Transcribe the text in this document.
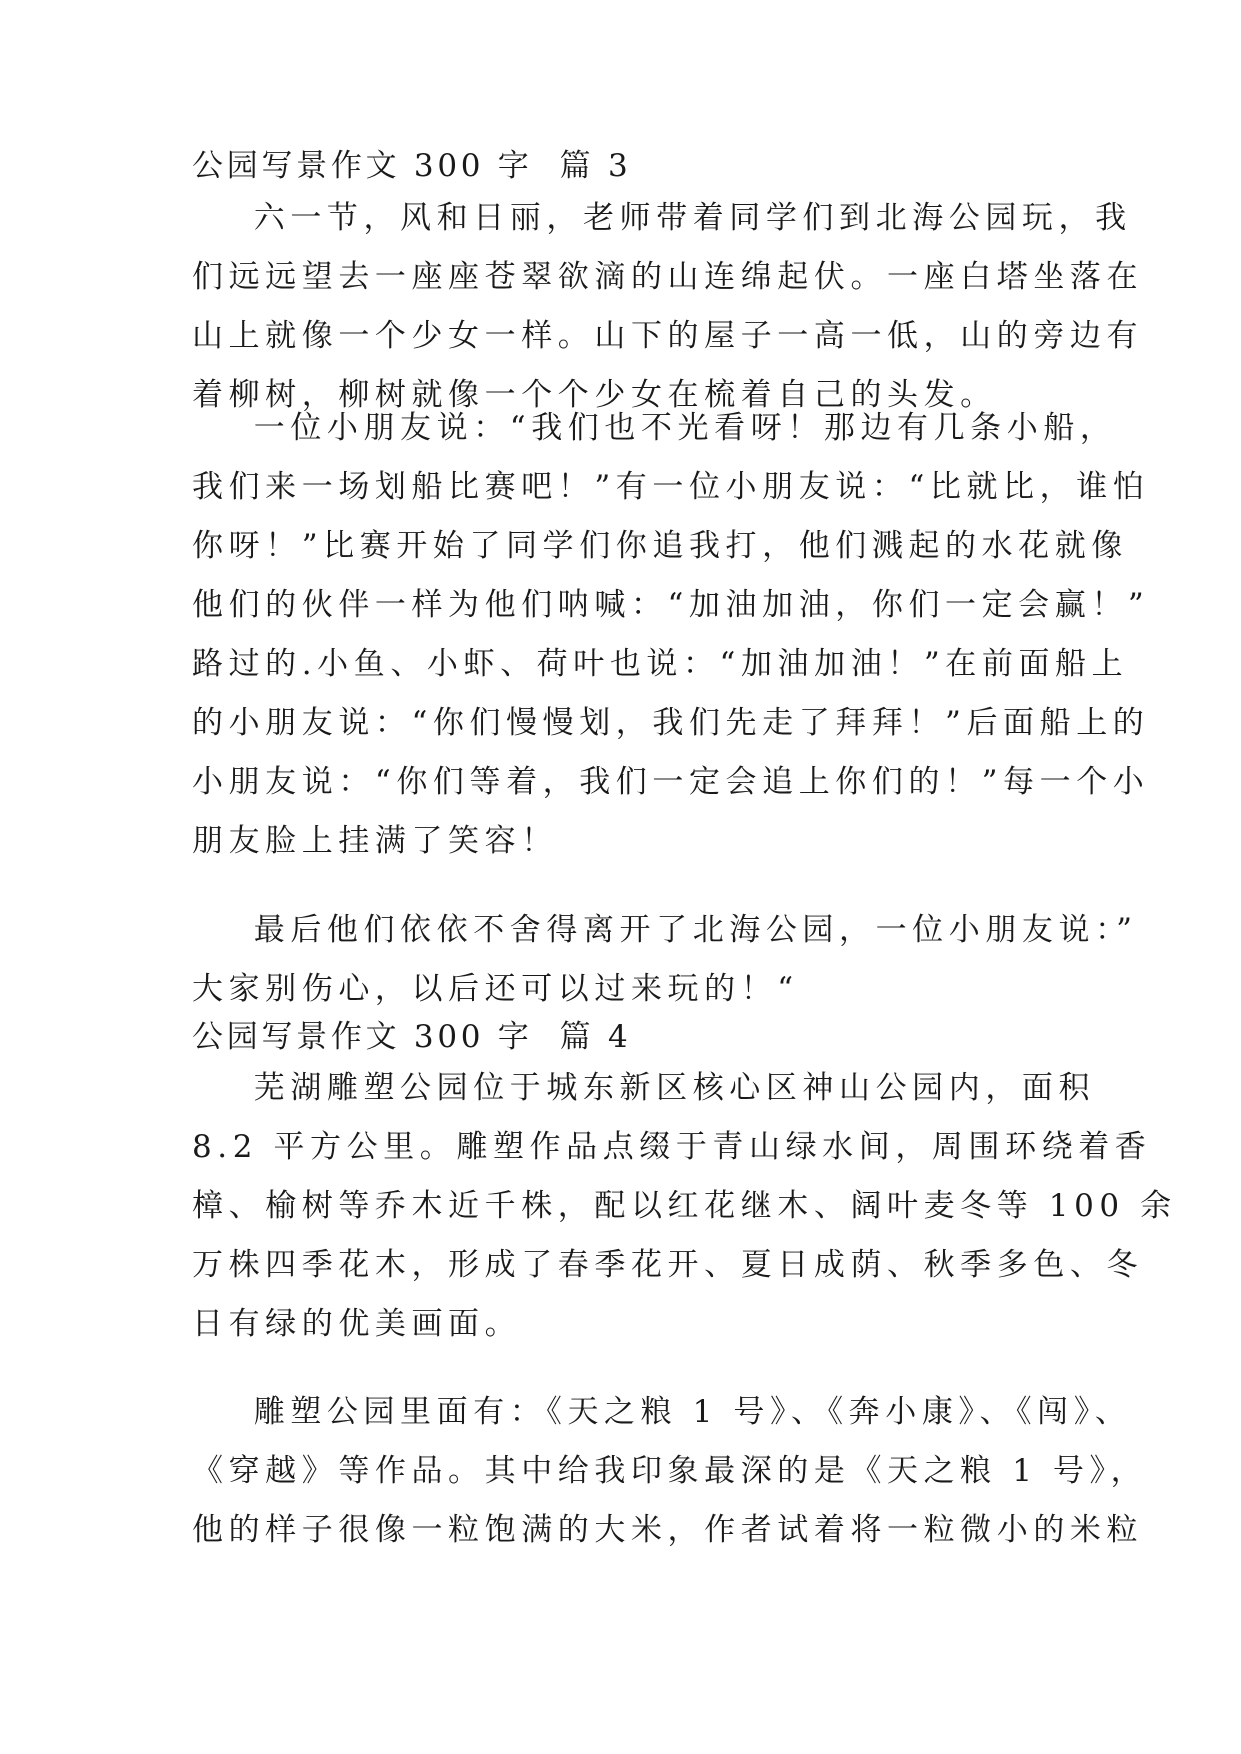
公园写景作文 300 字  篇 3
六一节，风和日丽，老师带着同学们到北海公园玩，我
们远远望去一座座苍翠欲滴的山连绵起伏。一座白塔坐落在
山上就像一个少女一样。山下的屋子一高一低，山的旁边有
着柳树，柳树就像一个个少女在梳着自己的头发。
一位小朋友说：“我们也不光看呀！那边有几条小船，
我们来一场划船比赛吧！”有一位小朋友说：“比就比，谁怕
你呀！”比赛开始了同学们你追我打，他们溅起的水花就像
他们的伙伴一样为他们呐喊：“加油加油，你们一定会赢！”
路过的.小鱼、小虾、荷叶也说：“加油加油！”在前面船上
的小朋友说：“你们慢慢划，我们先走了拜拜！”后面船上的
小朋友说：“你们等着，我们一定会追上你们的！”每一个小
朋友脸上挂满了笑容！
最后他们依依不舍得离开了北海公园，一位小朋友说：”
大家别伤心，以后还可以过来玩的！“
公园写景作文 300 字  篇 4
芜湖雕塑公园位于城东新区核心区神山公园内，面积
8.2 平方公里。雕塑作品点缀于青山绿水间，周围环绕着香
樟、榆树等乔木近千株，配以红花继木、阔叶麦冬等 100 余
万株四季花木，形成了春季花开、夏日成荫、秋季多色、冬
日有绿的优美画面。
雕塑公园里面有：《天之粮 1 号》、《奔小康》、《闯》、
《穿越》等作品。其中给我印象最深的是《天之粮 1 号》，
他的样子很像一粒饱满的大米，作者试着将一粒微小的米粒
